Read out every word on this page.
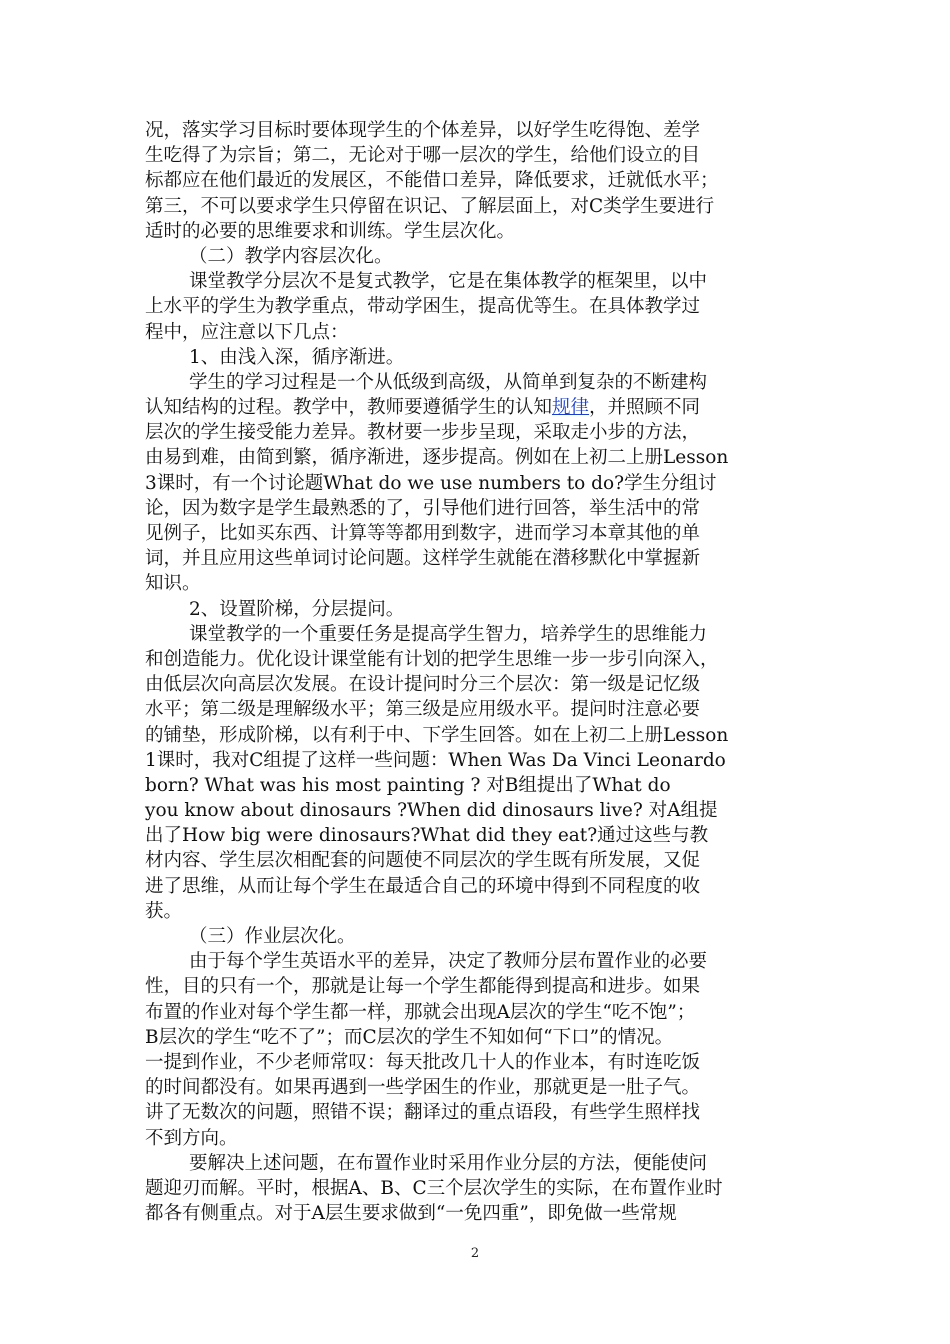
况，落实学习目标时要体现学生的个体差异，以好学生吃得饱、差学
生吃得了为宗旨；第二，无论对于哪一层次的学生，给他们设立的目
标都应在他们最近的发展区，不能借口差异，降低要求，迁就低水平；
第三，不可以要求学生只停留在识记、了解层面上，对C类学生要进行
适时的必要的思维要求和训练。学生层次化。
（二）教学内容层次化。
课堂教学分层次不是复式教学，它是在集体教学的框架里，以中
上水平的学生为教学重点，带动学困生，提高优等生。在具体教学过
程中，应注意以下几点：
1、由浅入深，循序渐进。
学生的学习过程是一个从低级到高级，从简单到复杂的不断建构
认知结构的过程。教学中，教师要遵循学生的认知规律，并照顾不同
层次的学生接受能力差异。教材要一步步呈现，采取走小步的方法，
由易到难，由简到繁，循序渐进，逐步提高。例如在上初二上册Lesson
3课时，有一个讨论题What do we use numbers to do?学生分组讨
论，因为数字是学生最熟悉的了，引导他们进行回答，举生活中的常
见例子，比如买东西、计算等等都用到数字，进而学习本章其他的单
词，并且应用这些单词讨论问题。这样学生就能在潜移默化中掌握新
知识。
2、设置阶梯，分层提问。
课堂教学的一个重要任务是提高学生智力，培养学生的思维能力
和创造能力。优化设计课堂能有计划的把学生思维一步一步引向深入，
由低层次向高层次发展。在设计提问时分三个层次：第一级是记忆级
水平；第二级是理解级水平；第三级是应用级水平。提问时注意必要
的铺垫，形成阶梯，以有利于中、下学生回答。如在上初二上册Lesson
1课时，我对C组提了这样一些问题：When Was Da Vinci Leonardo
born? What was his most painting ? 对B组提出了What do
you know about dinosaurs ?When did dinosaurs live? 对A组提
出了How big were dinosaurs?What did they eat?通过这些与教
材内容、学生层次相配套的问题使不同层次的学生既有所发展，又促
进了思维，从而让每个学生在最适合自己的环境中得到不同程度的收
获。
（三）作业层次化。
由于每个学生英语水平的差异，决定了教师分层布置作业的必要
性，目的只有一个，那就是让每一个学生都能得到提高和进步。如果
布置的作业对每个学生都一样，那就会出现A层次的学生“吃不饱”；
B层次的学生“吃不了”；而C层次的学生不知如何“下口”的情况。
一提到作业，不少老师常叹：每天批改几十人的作业本，有时连吃饭
的时间都没有。如果再遇到一些学困生的作业，那就更是一肚子气。
讲了无数次的问题，照错不误；翻译过的重点语段，有些学生照样找
不到方向。
要解决上述问题，在布置作业时采用作业分层的方法，便能使问
题迎刃而解。平时，根据A、B、C三个层次学生的实际，在布置作业时
都各有侧重点。对于A层生要求做到“一免四重”，即免做一些常规
2
